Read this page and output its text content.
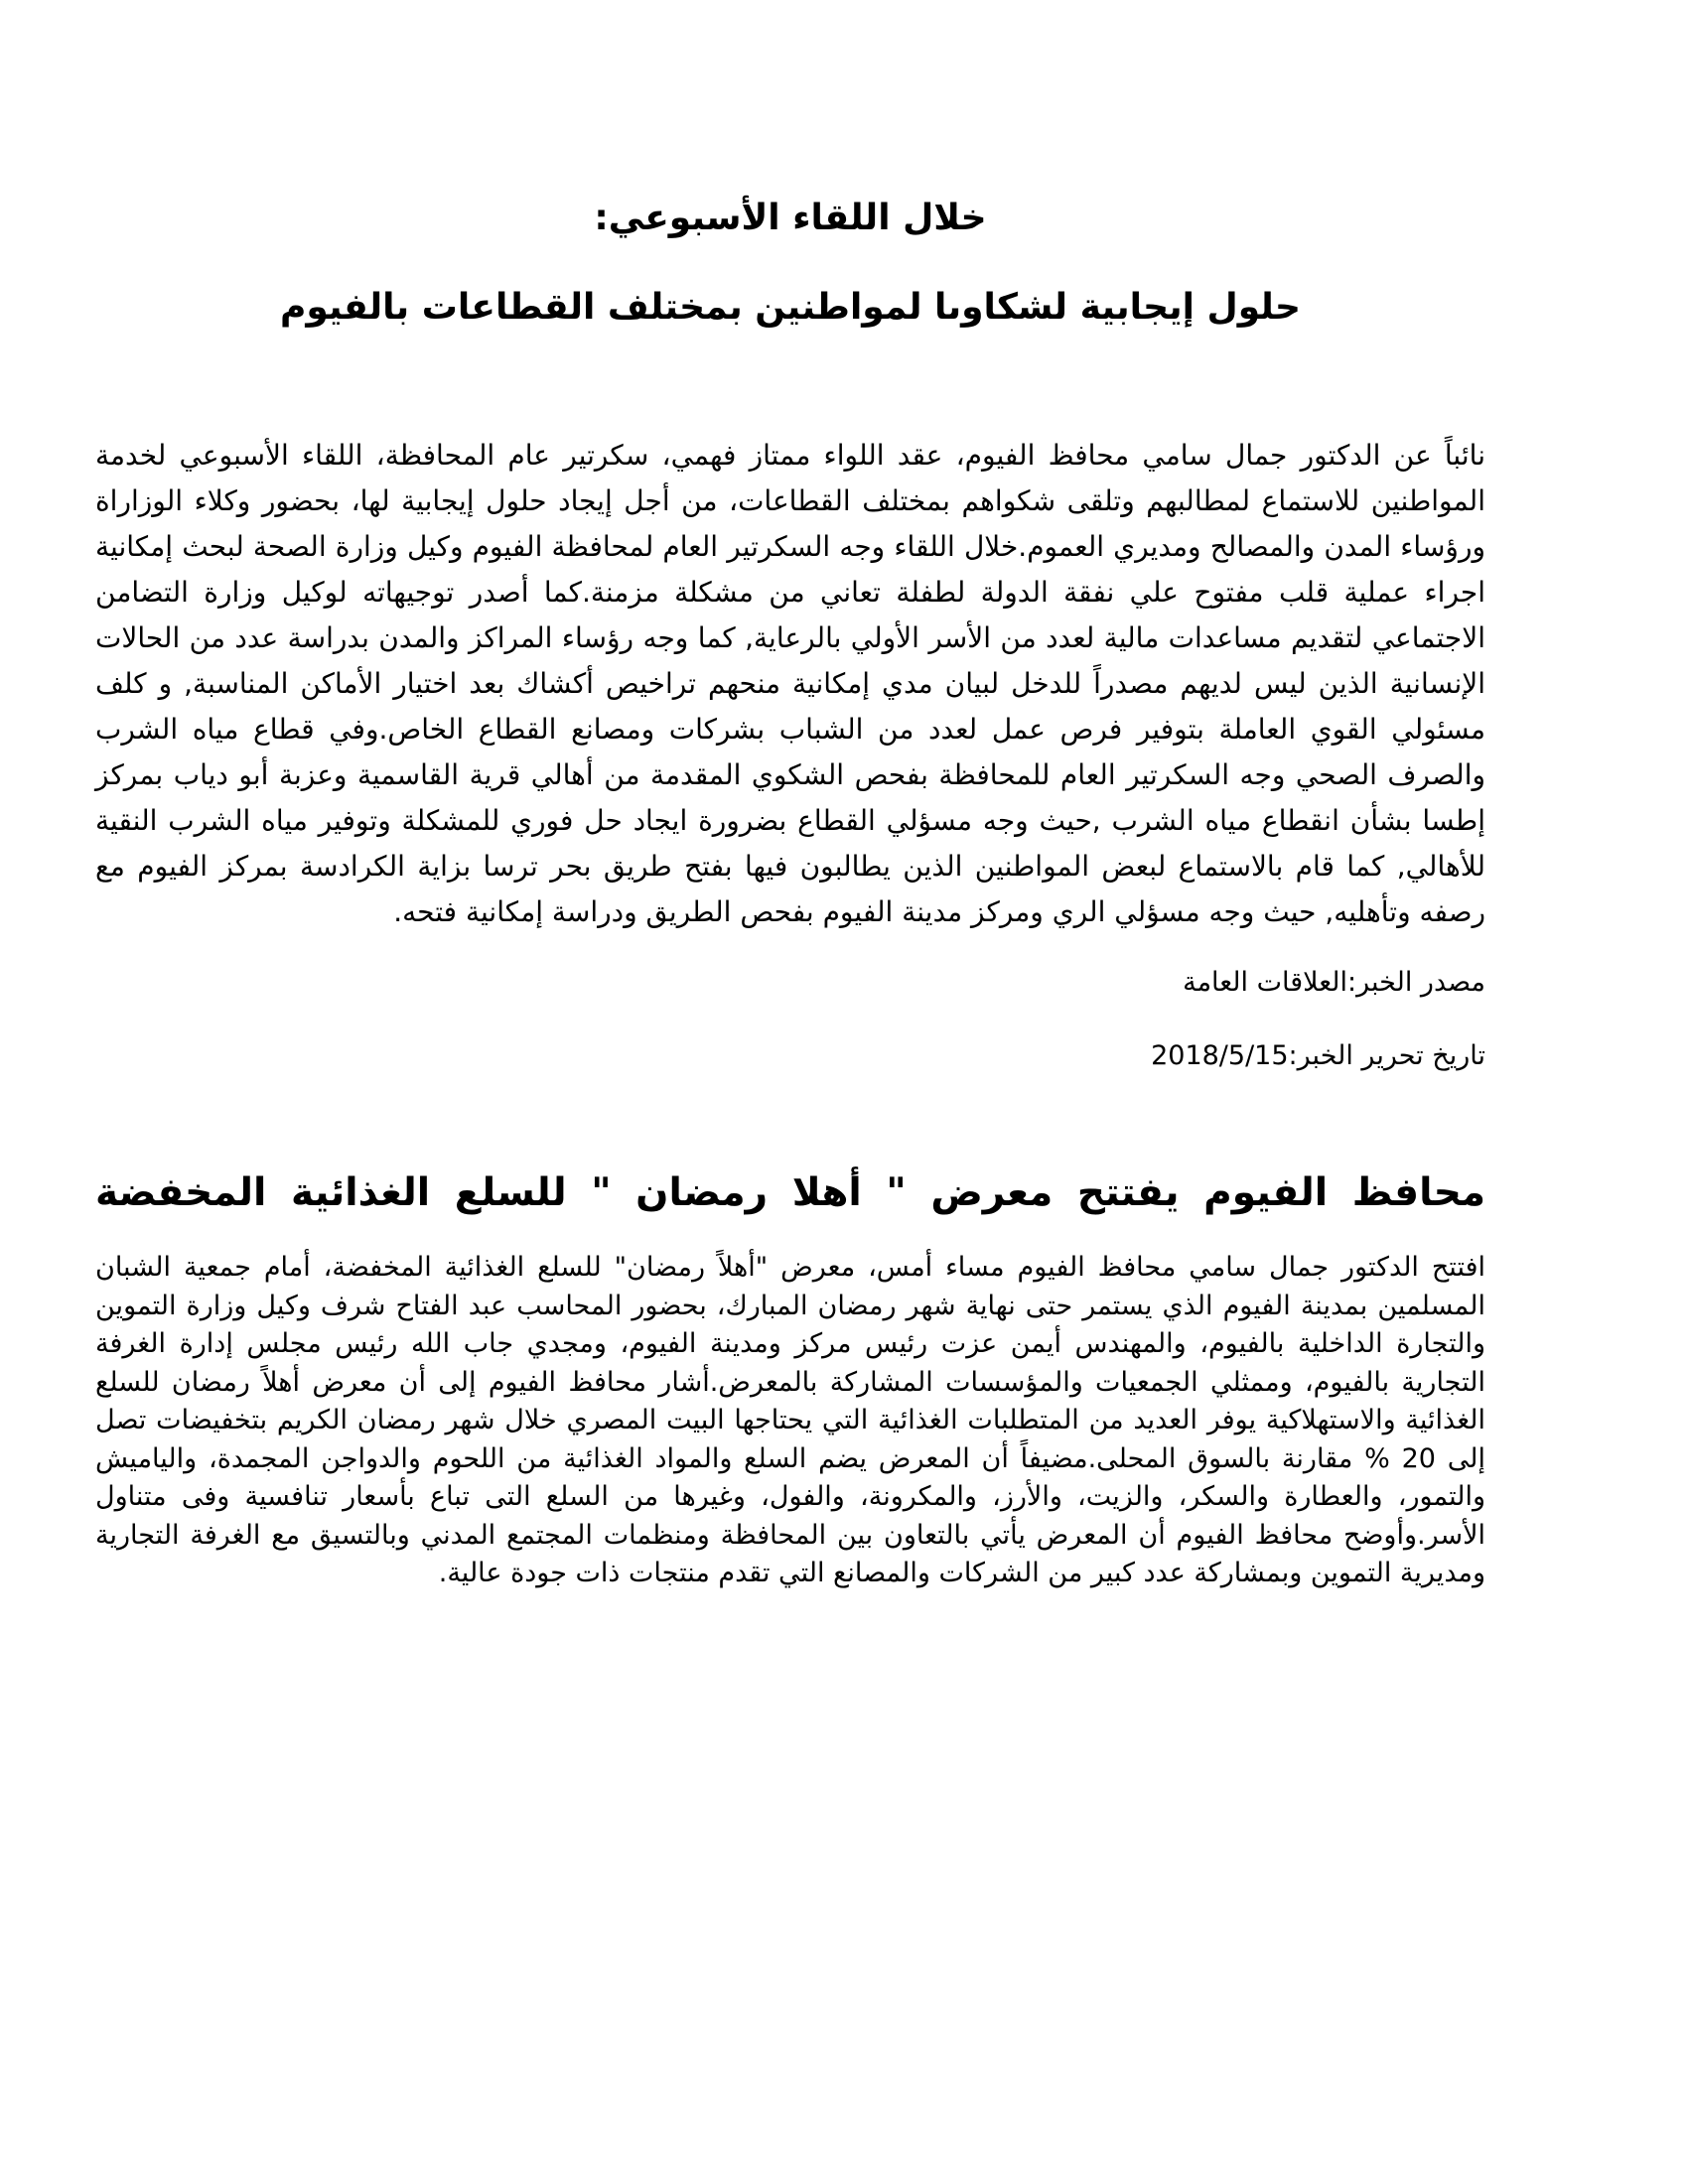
خلال اللقاء الأسبوعي:
حلول إيجابية لشكاوىا لمواطنين بمختلف القطاعات بالفيوم

نائباً عن الدكتور جمال سامي محافظ الفيوم، عقد اللواء ممتاز فهمي، سكرتير عام المحافظة، اللقاء الأسبوعي لخدمة المواطنين للاستماع لمطالبهم وتلقى شكواهم بمختلف القطاعات، من أجل إيجاد حلول إيجابية لها، بحضور وكلاء الوزاراة ورؤساء المدن والمصالح ومديري العموم.خلال اللقاء وجه السكرتير العام لمحافظة الفيوم وكيل وزارة الصحة لبحث إمكانية اجراء عملية قلب مفتوح علي نفقة الدولة لطفلة تعاني من مشكلة مزمنة.كما أصدر توجيهاته لوكيل وزارة التضامن الاجتماعي لتقديم مساعدات مالية لعدد من الأسر الأولي بالرعاية, كما وجه رؤساء المراكز والمدن بدراسة عدد من الحالات الإنسانية الذين ليس لديهم مصدراً للدخل لبيان مدي إمكانية منحهم تراخيص أكشاك بعد اختيار الأماكن المناسبة, و كلف مسئولي القوي العاملة بتوفير فرص عمل لعدد من الشباب بشركات ومصانع القطاع الخاص.وفي قطاع مياه الشرب والصرف الصحي وجه السكرتير العام للمحافظة بفحص الشكوي المقدمة من أهالي قرية القاسمية وعزبة أبو دياب بمركز إطسا بشأن انقطاع مياه الشرب ,حيث وجه مسؤلي القطاع بضرورة ايجاد حل فوري للمشكلة وتوفير مياه الشرب النقية للأهالي, كما قام بالاستماع لبعض المواطنين الذين يطالبون فيها بفتح طريق بحر ترسا بزاية الكرادسة بمركز الفيوم مع رصفه وتأهليه, حيث وجه مسؤلي الري ومركز مدينة الفيوم بفحص الطريق ودراسة إمكانية فتحه.

مصدر الخبر:العلاقات العامة

تاريخ تحرير الخبر:2018/5/15

محافظ الفيوم يفتتح معرض " أهلا رمضان " للسلع الغذائية المخفضة

افتتح الدكتور جمال سامي محافظ الفيوم مساء أمس، معرض "أهلاً رمضان" للسلع الغذائية المخفضة، أمام جمعية الشبان المسلمين بمدينة الفيوم الذي يستمر حتى نهاية شهر رمضان المبارك، بحضور المحاسب عبد الفتاح شرف وكيل وزارة التموين والتجارة الداخلية بالفيوم، والمهندس أيمن عزت رئيس مركز ومدينة الفيوم، ومجدي جاب الله رئيس مجلس إدارة الغرفة التجارية بالفيوم، وممثلي الجمعيات والمؤسسات المشاركة بالمعرض.أشار محافظ الفيوم إلى أن معرض أهلاً رمضان للسلع الغذائية والاستهلاكية يوفر العديد من المتطلبات الغذائية التي يحتاجها البيت المصري خلال شهر رمضان الكريم بتخفيضات تصل إلى 20 % مقارنة بالسوق المحلى.مضيفاً أن المعرض يضم السلع والمواد الغذائية من اللحوم والدواجن المجمدة، والياميش والتمور، والعطارة والسكر، والزيت، والأرز، والمكرونة، والفول، وغيرها من السلع التى تباع بأسعار تنافسية وفى متناول الأسر.وأوضح محافظ الفيوم أن المعرض يأتي بالتعاون بين المحافظة ومنظمات المجتمع المدني وبالتسيق مع الغرفة التجارية ومديرية التموين وبمشاركة عدد كبير من الشركات والمصانع التي تقدم منتجات ذات جودة عالية.
